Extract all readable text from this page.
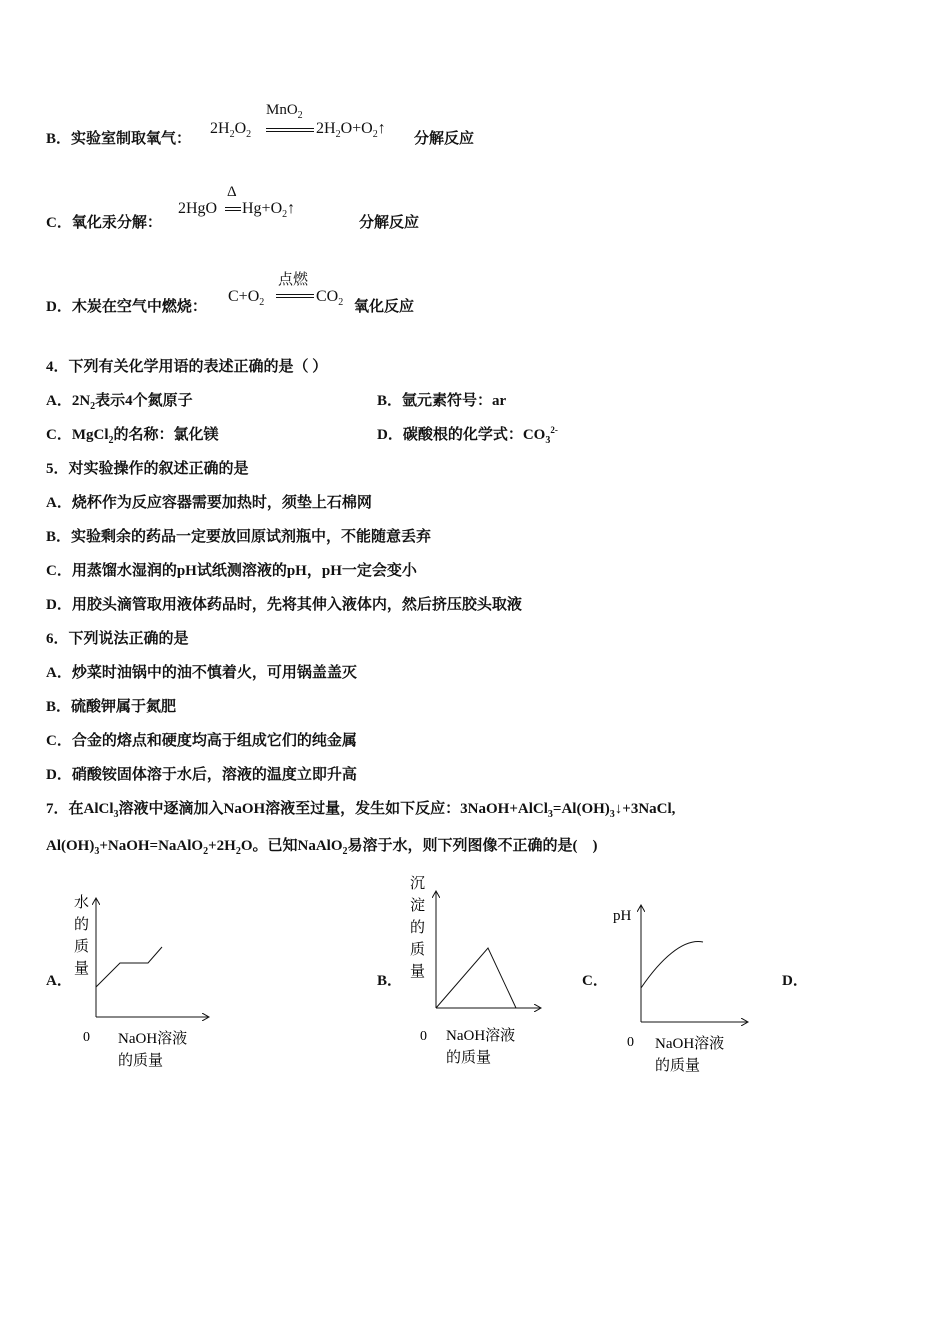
B．实验室制取氧气：
$2H_2O_2$
MnO$_2$
$2H_2O+O_2↑$
分解反应
C．氧化汞分解：
2HgO
Δ
$Hg+O_2↑$
分解反应
D．木炭在空气中燃烧：
$C+O_2$
点燃
$CO_2$ 氧化反应
4．下列有关化学用语的表述正确的是（ ）
A．$2N_2$表示4个氮原子	B．氩元素符号：ar
C．MgCl$_2$的名称：氯化镁	D．碳酸根的化学式：$CO_3^{2-}$
5．对实验操作的叙述正确的是
A．烧杯作为反应容器需要加热时，须垫上石棉网
B．实验剩余的药品一定要放回原试剂瓶中，不能随意丢弃
C．用蒸馏水湿润的pH试纸测溶液的pH，pH一定会变小
D．用胶头滴管取用液体药品时，先将其伸入液体内，然后挤压胶头取液
6．下列说法正确的是
A．炒菜时油锅中的油不慎着火，可用锅盖盖灭
B．硫酸钾属于氮肥
C．合金的熔点和硬度均高于组成它们的纯金属
D．硝酸铵固体溶于水后，溶液的温度立即升高
7．在AlCl$_3$溶液中逐滴加入NaOH溶液至过量，发生如下反应：$3NaOH+AlCl_3=Al(OH)_3↓+3NaCl$,
$Al(OH)_3+NaOH=NaAlO_2+2H_2O$。已知NaAlO$_2$易溶于水，则下列图像不正确的是(　)
A．	B．	C．	D．
水
的
质
量
0 NaOH溶液
的质量
沉
淀
的
质
量
0 NaOH溶液
的质量
pH
0 NaOH溶液
的质量
